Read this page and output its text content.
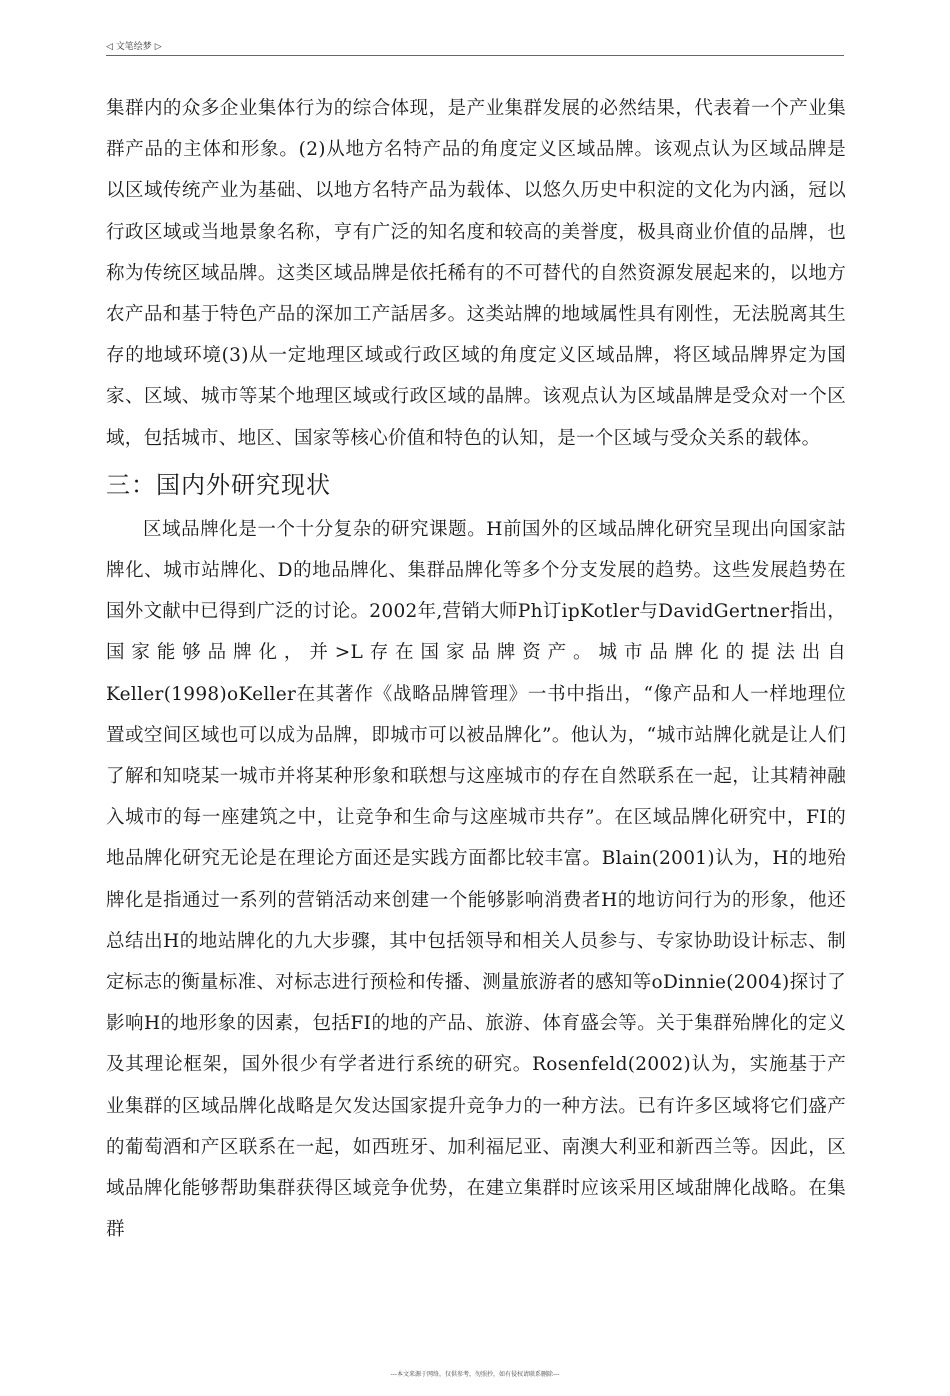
◁ 文笔绘梦 ▷

集群内的众多企业集体行为的综合体现，是产业集群发展的必然结果，代表着一个产业集群产品的主体和形象。(2)从地方名特产品的角度定义区域品牌。该观点认为区域品牌是以区域传统产业为基础、以地方名特产品为载体、以悠久历史中积淀的文化为内涵，冠以行政区域或当地景象名称，亨有广泛的知名度和较高的美誉度，极具商业价值的品牌，也称为传统区域品牌。这类区域品牌是依托稀有的不可替代的自然资源发展起来的，以地方农产品和基于特色产品的深加工产話居多。这类站牌的地域属性具有刚性，无法脱离其生存的地域环境(3)从一定地理区域或行政区域的角度定义区域品牌，将区域品牌界定为国家、区域、城市等某个地理区域或行政区域的晶牌。该观点认为区域晶牌是受众对一个区域，包括城市、地区、国家等核心价值和特色的认知，是一个区域与受众关系的载体。

三：国内外研究现状

区域品牌化是一个十分复杂的研究课题。H前国外的区域品牌化研究呈现出向国家詁牌化、城市站牌化、D的地品牌化、集群品牌化等多个分支发展的趋势。这些发展趋势在国外文献中已得到广泛的讨论。2002年,营销大师Ph订ipKotler与DavidGertner指出，国家能够品牌化，并>L存在国家品牌资产。城市品牌化的提法出自Keller(1998)oKeller在其著作《战略品牌管理》一书中指出，“像产品和人一样地理位置或空间区域也可以成为品牌，即城市可以被品牌化”。他认为，“城市站牌化就是让人们了解和知哓某一城市并将某种形象和联想与这座城市的存在自然联系在一起，让其精神融入城市的每一座建筑之中，让竞争和生命与这座城市共存”。在区域品牌化研究中，FI的地品牌化研究无论是在理论方面还是实践方面都比较丰富。Blain(2001)认为，H的地殆牌化是指通过一系列的营销活动来创建一个能够影响消费者H的地访问行为的形象，他还总结出H的地站牌化的九大步骤，其中包括领导和相关人员参与、专家协助设计标志、制定标志的衡量标准、对标志进行预检和传播、测量旅游者的感知等oDinnie(2004)探讨了影响H的地形象的因素，包括FI的地的产品、旅游、体育盛会等。关于集群殆牌化的定义及其理论框架，国外很少有学者进行系统的研究。Rosenfeld(2002)认为，实施基于产业集群的区域品牌化战略是欠发达国家提升竞争力的一种方法。已有许多区域将它们盛产的葡萄酒和产区联系在一起，如西班牙、加利福尼亚、南澳大利亚和新西兰等。因此，区域品牌化能够帮助集群获得区域竞争优势，在建立集群时应该采用区域甜牌化战略。在集群

---本文来源于网络，仅供参考，勿照抄，如有侵权请联系删除---
